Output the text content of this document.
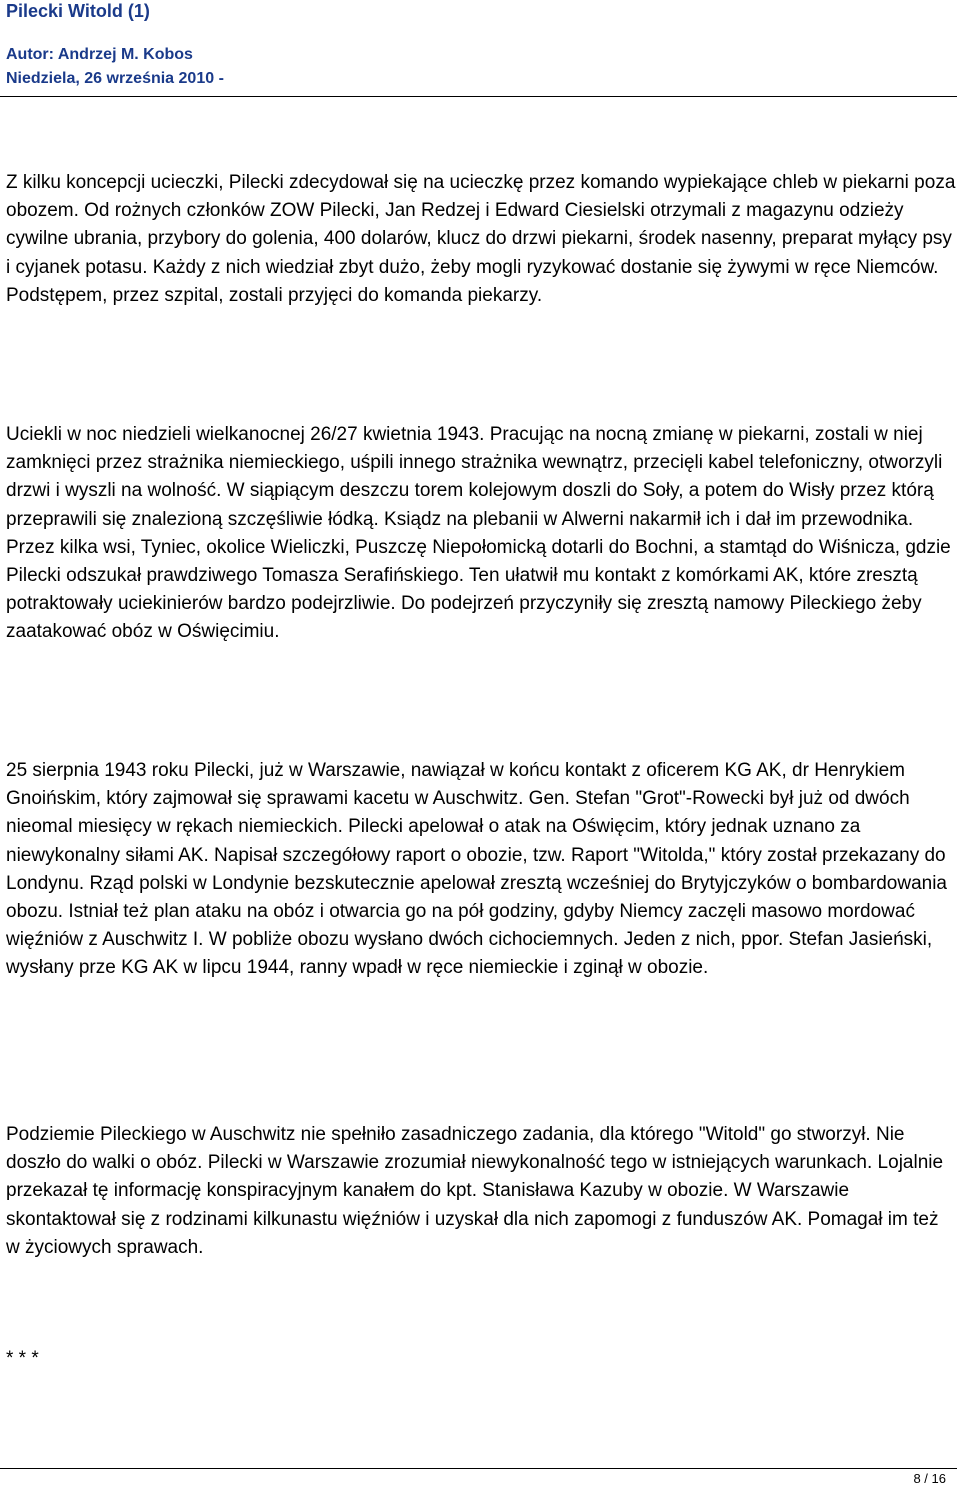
Pilecki Witold (1)
Autor: Andrzej M. Kobos
Niedziela, 26 września 2010 -

Z kilku koncepcji ucieczki, Pilecki zdecydował się na ucieczkę przez komando wypiekające chleb w piekarni poza obozem. Od rożnych członków ZOW Pilecki, Jan Redzej i Edward Ciesielski otrzymali z magazynu odzieży cywilne ubrania, przybory do golenia, 400 dolarów, klucz do drzwi piekarni, środek nasenny, preparat myłący psy i cyjanek potasu. Każdy z nich wiedział zbyt dużo, żeby mogli ryzykować dostanie się żywymi w ręce Niemców. Podstępem, przez szpital, zostali przyjęci do komanda piekarzy.

Uciekli w noc niedzieli wielkanocnej 26/27 kwietnia 1943. Pracując na nocną zmianę w piekarni, zostali w niej zamknięci przez strażnika niemieckiego, uśpili innego strażnika wewnątrz, przecięli kabel telefoniczny, otworzyli drzwi i wyszli na wolność. W siąpiącym deszczu torem kolejowym doszli do Soły, a potem do Wisły przez którą przeprawili się znalezioną szczęśliwie łódką. Ksiądz na plebanii w Alwerni nakarmił ich i dał im przewodnika. Przez kilka wsi, Tyniec, okolice Wieliczki, Puszczę Niepołomicką dotarli do Bochni, a stamtąd do Wiśnicza, gdzie Pilecki odszukał prawdziwego Tomasza Serafińskiego. Ten ułatwił mu kontakt z komórkami AK, które zresztą potraktowały uciekinierów bardzo podejrzliwie. Do podejrzeń przyczyniły się zresztą namowy Pileckiego żeby zaatakować obóz w Oświęcimiu.

25 sierpnia 1943 roku Pilecki, już w Warszawie, nawiązał w końcu kontakt z oficerem KG AK, dr Henrykiem Gnoińskim, który zajmował się sprawami kacetu w Auschwitz. Gen. Stefan "Grot"-Rowecki był już od dwóch nieomal miesięcy w rękach niemieckich. Pilecki apelował o atak na Oświęcim, który jednak uznano za niewykonalny siłami AK. Napisał szczegółowy raport o obozie, tzw. Raport "Witolda," który został przekazany do Londynu. Rząd polski w Londynie bezskutecznie apelował zresztą wcześniej do Brytyjczyków o bombardowania obozu. Istniał też plan ataku na obóz i otwarcia go na pół godziny, gdyby Niemcy zaczęli masowo mordować więźniów z Auschwitz I. W pobliże obozu wysłano dwóch cichociemnych. Jeden z nich, ppor. Stefan Jasieński, wysłany prze KG AK w lipcu 1944, ranny wpadł w ręce niemieckie i zginął w obozie.

Podziemie Pileckiego w Auschwitz nie spełniło zasadniczego zadania, dla którego "Witold" go stworzył. Nie doszło do walki o obóz. Pilecki w Warszawie zrozumiał niewykonalność tego w istniejących warunkach. Lojalnie przekazał tę informację konspiracyjnym kanałem do kpt. Stanisława Kazuby w obozie. W Warszawie skontaktował się z rodzinami kilkunastu więźniów i uzyskał dla nich zapomogi z funduszów AK. Pomagał im też w życiowych sprawach.

* * *

8 / 16
